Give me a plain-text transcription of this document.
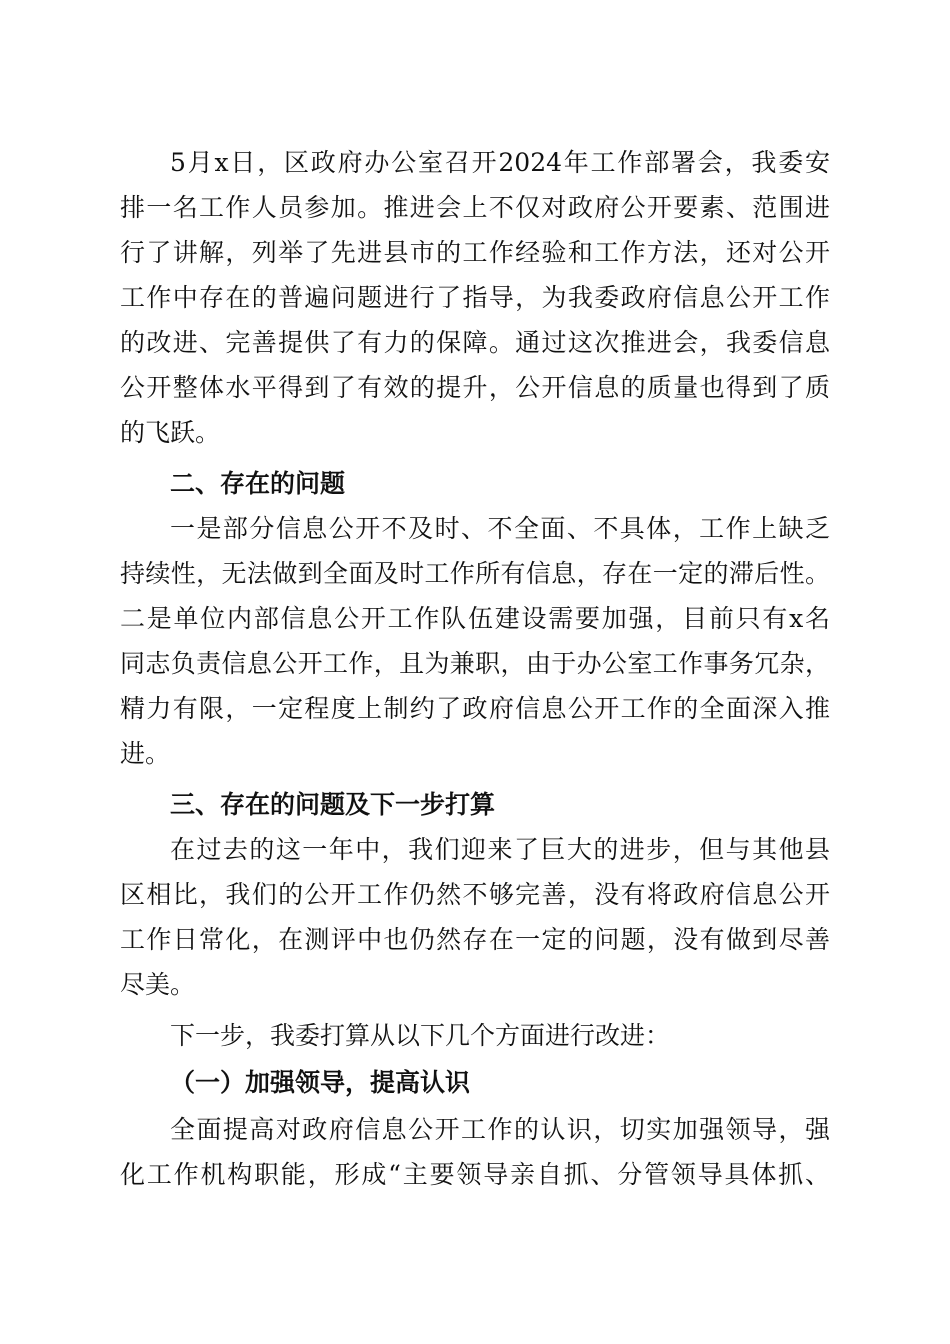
5月x日，区政府办公室召开2024年工作部署会，我委安
排一名工作人员参加。推进会上不仅对政府公开要素、范围进
行了讲解，列举了先进县市的工作经验和工作方法，还对公开
工作中存在的普遍问题进行了指导，为我委政府信息公开工作
的改进、完善提供了有力的保障。通过这次推进会，我委信息
公开整体水平得到了有效的提升，公开信息的质量也得到了质
的飞跃。
二、存在的问题
一是部分信息公开不及时、不全面、不具体，工作上缺乏
持续性，无法做到全面及时工作所有信息，存在一定的滞后性。
二是单位内部信息公开工作队伍建设需要加强，目前只有x名
同志负责信息公开工作，且为兼职，由于办公室工作事务冗杂，
精力有限，一定程度上制约了政府信息公开工作的全面深入推
进。
三、存在的问题及下一步打算
在过去的这一年中，我们迎来了巨大的进步，但与其他县
区相比，我们的公开工作仍然不够完善，没有将政府信息公开
工作日常化，在测评中也仍然存在一定的问题，没有做到尽善
尽美。
下一步，我委打算从以下几个方面进行改进：
（一）加强领导，提高认识
全面提高对政府信息公开工作的认识，切实加强领导，强
化工作机构职能，形成“主要领导亲自抓、分管领导具体抓、
